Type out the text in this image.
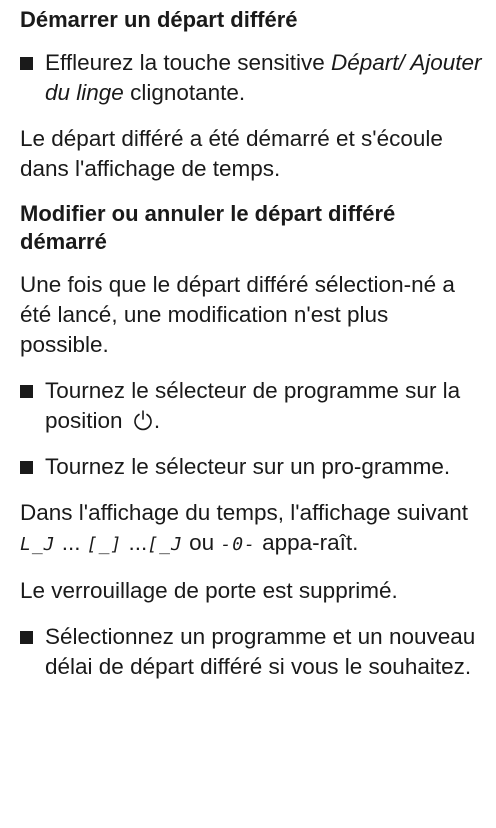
Démarrer un départ différé
Effleurez la touche sensitive Départ/ Ajouter du linge clignotante.

Le départ différé a été démarré et s'écoule dans l'affichage de temps.

Modifier ou annuler le départ différé démarré

Une fois que le départ différé sélection-né a été lancé, une modification n'est plus possible.

Tournez le sélecteur de programme sur la position .
Tournez le sélecteur sur un pro-gramme.

Dans l'affichage du temps, l'affichage suivant L_J ... [_] ...[_J ou -0- appa-raît.

Le verrouillage de porte est supprimé.

Sélectionnez un programme et un nouveau délai de départ différé si vous le souhaitez.
